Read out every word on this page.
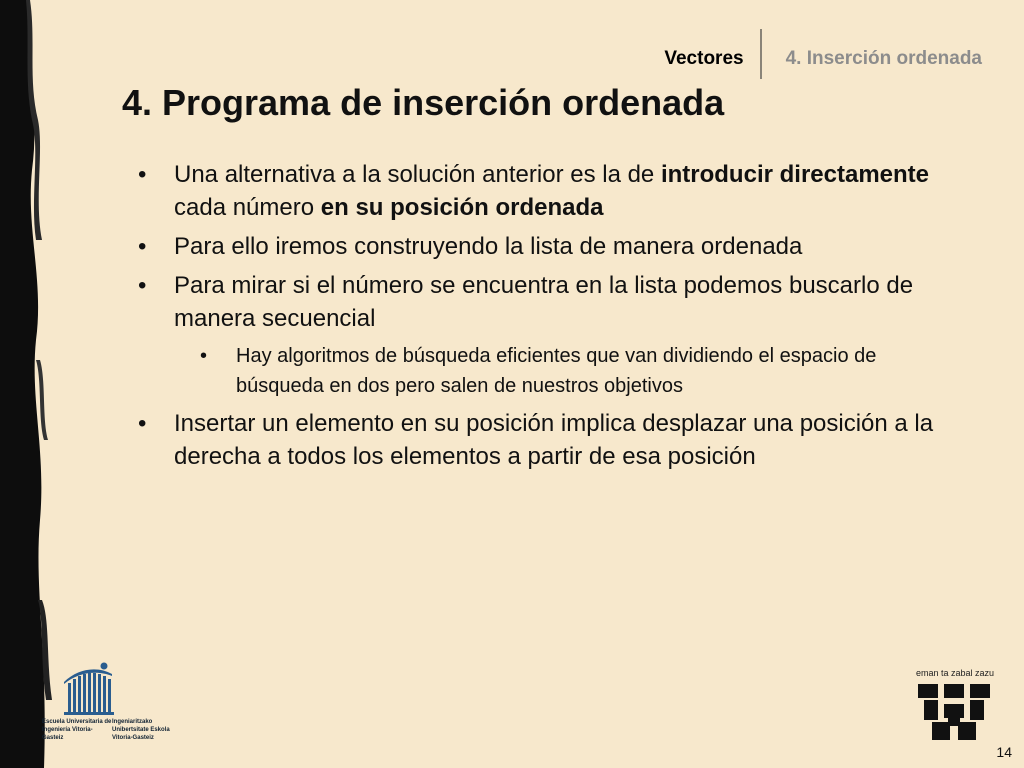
Vectores	4. Inserción ordenada
4. Programa de inserción ordenada
• Una alternativa a la solución anterior es la de introducir directamente cada número en su posición ordenada
• Para ello iremos construyendo la lista de manera ordenada
• Para mirar si el número se encuentra en la lista podemos buscarlo de manera secuencial
• Hay algoritmos de búsqueda eficientes que van dividiendo el espacio de búsqueda en dos pero salen de nuestros objetivos
• Insertar un elemento en su posición implica desplazar una posición a la derecha a todos los elementos a partir de esa posición
Escuela Universitaria de Ingeniería Vitoria-GasteizIngeniaritzako Unibertsitate Eskola Vitoria-Gasteiz
eman ta zabal zazu
14
